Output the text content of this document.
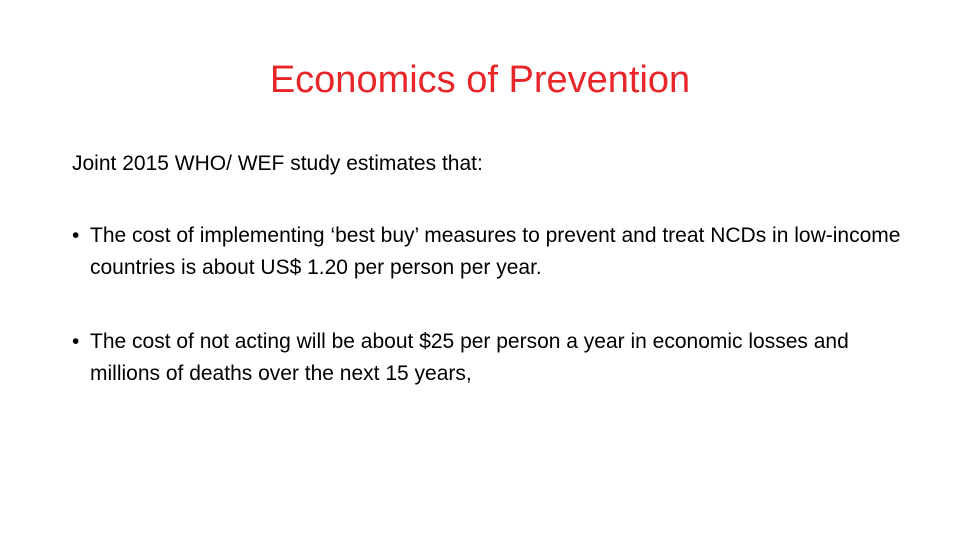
Economics of Prevention

Joint 2015 WHO/ WEF study estimates that:

• The cost of implementing ‘best buy’ measures to prevent and treat NCDs in low-income countries is about US$ 1.20 per person per year.
• The cost of not acting will be about $25 per person a year in economic losses and millions of deaths over the next 15 years,
